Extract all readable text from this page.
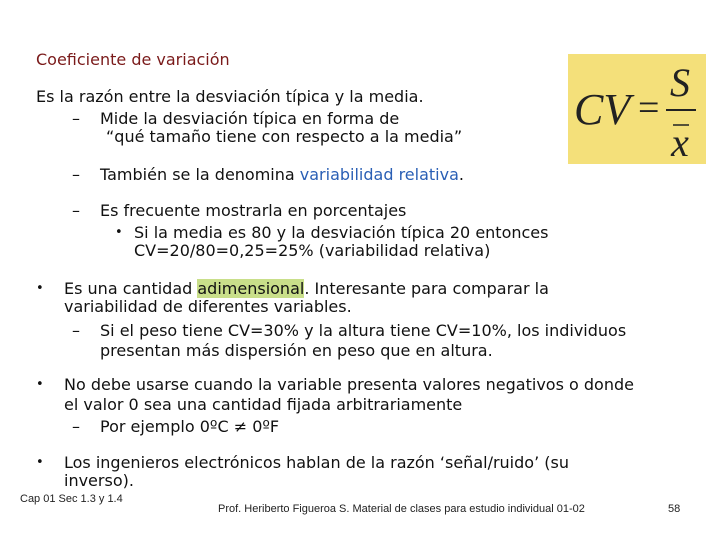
Coeficiente de variación
CV =
S
x
Es la razón entre la desviación típica y la media.
– Mide la desviación típica en forma de
“qué tamaño tiene con respecto a la media”
– También se la denomina variabilidad relativa.
– Es frecuente mostrarla en porcentajes
• Si la media es 80 y la desviación típica 20 entonces
CV=20/80=0,25=25% (variabilidad relativa)
• Es una cantidad adimensional. Interesante para comparar la
variabilidad de diferentes variables.
– Si el peso tiene CV=30% y la altura tiene CV=10%, los individuos
presentan más dispersión en peso que en altura.
• No debe usarse cuando la variable presenta valores negativos o donde
el valor 0 sea una cantidad fijada arbitrariamente
– Por ejemplo 0ºC ≠ 0ºF
• Los ingenieros electrónicos hablan de la razón ‘señal/ruido’ (su
inverso).
Cap 01 Sec 1.3 y 1.4
Prof. Heriberto Figueroa S. Material de clases para estudio individual 01-02	58
